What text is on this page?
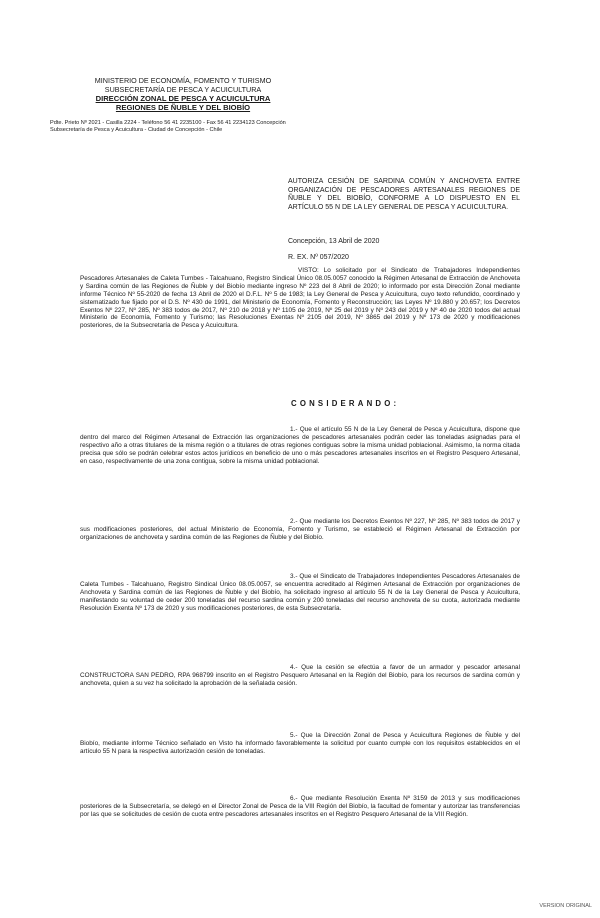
MINISTERIO DE ECONOMÍA, FOMENTO Y TURISMO
SUBSECRETARÍA DE PESCA Y ACUICULTURA
DIRECCIÓN ZONAL DE PESCA Y ACUICULTURA
REGIONES DE ÑUBLE Y DEL BIOBÍO
Pdte. Prieto Nº 2021 - Casilla 2224 - Teléfono 56 41 2235100 - Fax 56 41 2234123 Concepción
Subsecretaría de Pesca y Acuicultura - Ciudad de Concepción - Chile
AUTORIZA CESIÓN DE SARDINA COMÚN Y ANCHOVETA ENTRE ORGANIZACIÓN DE PESCADORES ARTESANALES REGIONES DE ÑUBLE Y DEL BIOBÍO, CONFORME A LO DISPUESTO EN EL ARTÍCULO 55 N DE LA LEY GENERAL DE PESCA Y ACUICULTURA.
Concepción, 13 Abril de 2020
R. EX. Nº 057/2020
VISTO: Lo solicitado por el Sindicato de Trabajadores Independientes Pescadores Artesanales de Caleta Tumbes - Talcahuano, Registro Sindical Único 08.05.0057 conocido la Régimen Artesanal de Extracción de Anchoveta y Sardina común de las Regiones de Ñuble y del Biobío mediante ingreso Nº 223 del 8 Abril de 2020; lo informado por esta Dirección Zonal mediante informe Técnico Nº 55-2020 de fecha 13 Abril de 2020 el D.F.L. Nº 5 de 1983; la Ley General de Pesca y Acuicultura, cuyo texto refundido, coordinado y sistematizado fue fijado por el D.S. Nº 430 de 1991, del Ministerio de Economía, Fomento y Reconstrucción; las Leyes Nº 19.880 y 20.657; los Decretos Exentos Nº 227, Nº 285, Nº 383 todos de 2017, Nº 210 de 2018 y Nº 1105 de 2019, Nº 25 del 2019 y Nº 243 del 2019 y Nº 40 de 2020 todos del actual Ministerio de Economía, Fomento y Turismo; las Resoluciones Exentas Nº 2105 del 2019, Nº 3865 del 2019 y Nº 173 de 2020 y modificaciones posteriores, de la Subsecretaría de Pesca y Acuicultura.
CONSIDERANDO:
1.- Que el artículo 55 N de la Ley General de Pesca y Acuicultura, dispone que dentro del marco del Régimen Artesanal de Extracción las organizaciones de pescadores artesanales podrán ceder las toneladas asignadas para el respectivo año a otras titulares de la misma región o a titulares de otras regiones contiguas sobre la misma unidad poblacional. Asimismo, la norma citada precisa que sólo se podrán celebrar estos actos jurídicos en beneficio de uno o más pescadores artesanales inscritos en el Registro Pesquero Artesanal, en caso, respectivamente de una zona contigua, sobre la misma unidad poblacional.
2.- Que mediante los Decretos Exentos Nº 227, Nº 285, Nº 383 todos de 2017 y sus modificaciones posteriores, del actual Ministerio de Economía, Fomento y Turismo, se estableció el Régimen Artesanal de Extracción por organizaciones de anchoveta y sardina común de las Regiones de Ñuble y del Biobío.
3.- Que el Sindicato de Trabajadores Independientes Pescadores Artesanales de Caleta Tumbes - Talcahuano, Registro Sindical Único 08.05.0057, se encuentra acreditado al Régimen Artesanal de Extracción por organizaciones de Anchoveta y Sardina común de las Regiones de Ñuble y del Biobío, ha solicitado ingreso al artículo 55 N de la Ley General de Pesca y Acuicultura, manifestando su voluntad de ceder 200 toneladas del recurso sardina común y 200 toneladas del recurso anchoveta de su cuota, autorizada mediante Resolución Exenta Nº 173 de 2020 y sus modificaciones posteriores, de esta Subsecretaría.
4.- Que la cesión se efectúa a favor de un armador y pescador artesanal CONSTRUCTORA SAN PEDRO, RPA 968799 inscrito en el Registro Pesquero Artesanal en la Región del Biobío, para los recursos de sardina común y anchoveta, quien a su vez ha solicitado la aprobación de la señalada cesión.
5.- Que la Dirección Zonal de Pesca y Acuicultura Regiones de Ñuble y del Biobío, mediante informe Técnico señalado en Visto ha informado favorablemente la solicitud por cuanto cumple con los requisitos establecidos en el artículo 55 N para la respectiva autorización cesión de toneladas.
6.- Que mediante Resolución Exenta Nº 3159 de 2013 y sus modificaciones posteriores de la Subsecretaría, se delegó en el Director Zonal de Pesca de la VIII Región del Biobío, la facultad de fomentar y autorizar las transferencias por las que se solicitudes de cesión de cuota entre pescadores artesanales inscritos en el Registro Pesquero Artesanal de la VIII Región.
VERSION ORIGINAL
